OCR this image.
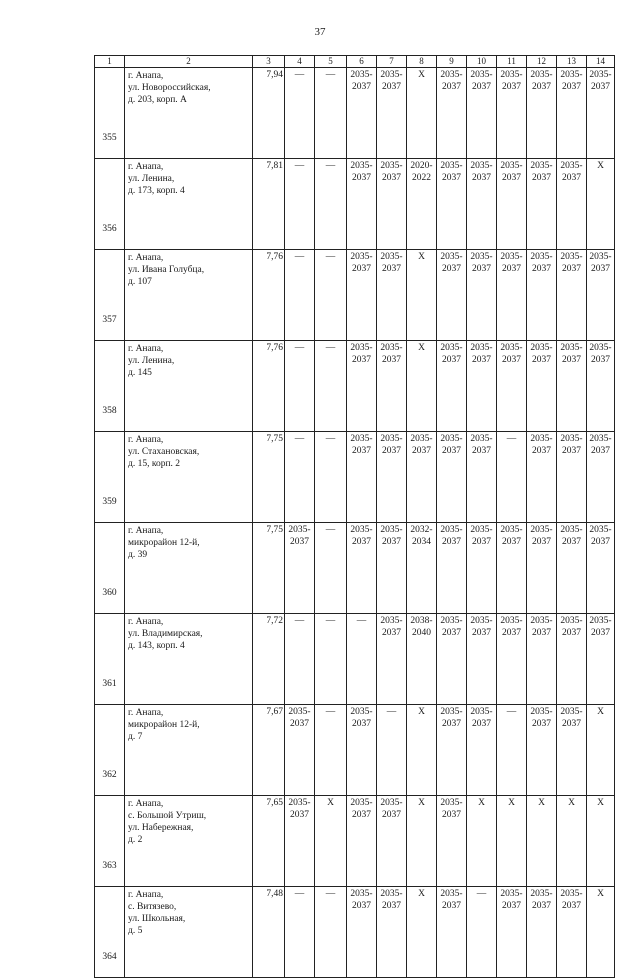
37
1	2	3	4	5	6	7	8	9	10	11	12	13	14
355	г. Анапа,
ул. Новороссийская,
д. 203, корп. А	7,94	—	—	2035-
2037	2035-
2037	X	2035-
2037	2035-
2037	2035-
2037	2035-
2037	2035-
2037	2035-
2037
356	г. Анапа,
ул. Ленина,
д. 173, корп. 4	7,81	—	—	2035-
2037	2035-
2037	2020-
2022	2035-
2037	2035-
2037	2035-
2037	2035-
2037	2035-
2037	X
357	г. Анапа,
ул. Ивана Голубца,
д. 107	7,76	—	—	2035-
2037	2035-
2037	X	2035-
2037	2035-
2037	2035-
2037	2035-
2037	2035-
2037	2035-
2037
358	г. Анапа,
ул. Ленина,
д. 145	7,76	—	—	2035-
2037	2035-
2037	X	2035-
2037	2035-
2037	2035-
2037	2035-
2037	2035-
2037	2035-
2037
359	г. Анапа,
ул. Стахановская,
д. 15, корп. 2	7,75	—	—	2035-
2037	2035-
2037	2035-
2037	2035-
2037	2035-
2037	—	2035-
2037	2035-
2037	2035-
2037
360	г. Анапа,
микрорайон 12-й,
д. 39	7,75	2035-
2037	—	2035-
2037	2035-
2037	2032-
2034	2035-
2037	2035-
2037	2035-
2037	2035-
2037	2035-
2037	2035-
2037
361	г. Анапа,
ул. Владимирская,
д. 143, корп. 4	7,72	—	—	—	2035-
2037	2038-
2040	2035-
2037	2035-
2037	2035-
2037	2035-
2037	2035-
2037	2035-
2037
362	г. Анапа,
микрорайон 12-й,
д. 7	7,67	2035-
2037	—	2035-
2037	—	X	2035-
2037	2035-
2037	—	2035-
2037	2035-
2037	X
363	г. Анапа,
с. Большой Утриш,
ул. Набережная,
д. 2	7,65	2035-
2037	X	2035-
2037	2035-
2037	X	2035-
2037	X	X	X	X	X
364	г. Анапа,
с. Витязево,
ул. Школьная,
д. 5	7,48	—	—	2035-
2037	2035-
2037	X	2035-
2037	—	2035-
2037	2035-
2037	2035-
2037	X
